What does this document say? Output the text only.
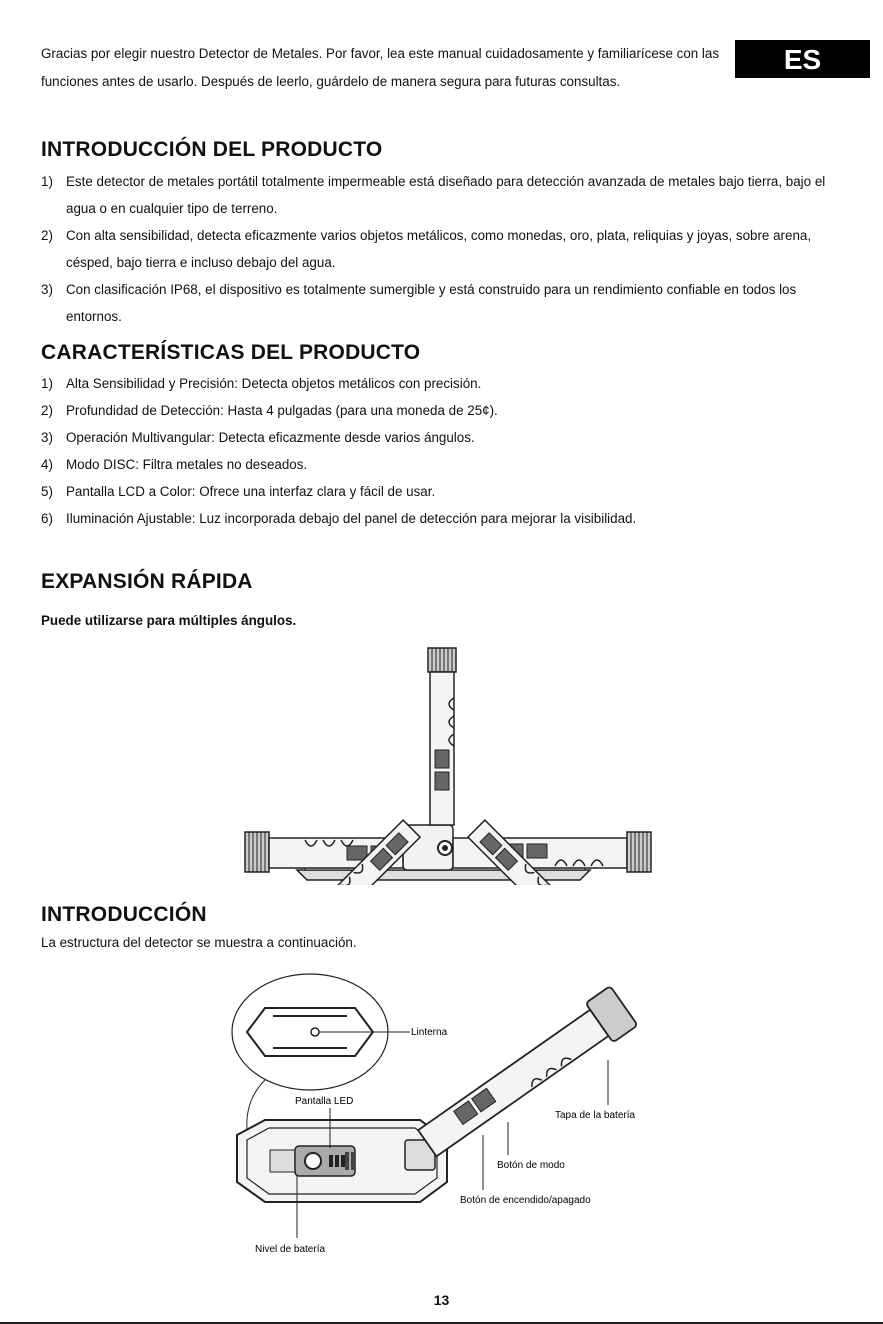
Gracias por elegir nuestro Detector de Metales. Por favor, lea este manual cuidadosamente y familiarícese con las funciones antes de usarlo. Después de leerlo, guárdelo de manera segura para futuras consultas.
ES
INTRODUCCIÓN DEL PRODUCTO
1) Este detector de metales portátil totalmente impermeable está diseñado para detección avanzada de metales bajo tierra, bajo el agua o en cualquier tipo de terreno.
2) Con alta sensibilidad, detecta eficazmente varios objetos metálicos, como monedas, oro, plata, reliquias y joyas, sobre arena, césped, bajo tierra e incluso debajo del agua.
3) Con clasificación IP68, el dispositivo es totalmente sumergible y está construido para un rendimiento confiable en todos los entornos.
CARACTERÍSTICAS DEL PRODUCTO
1) Alta Sensibilidad y Precisión: Detecta objetos metálicos con precisión.
2) Profundidad de Detección: Hasta 4 pulgadas (para una moneda de 25¢).
3) Operación Multivangular: Detecta eficazmente desde varios ángulos.
4) Modo DISC: Filtra metales no deseados.
5) Pantalla LCD a Color: Ofrece una interfaz clara y fácil de usar.
6) Iluminación Ajustable: Luz incorporada debajo del panel de detección para mejorar la visibilidad.
EXPANSIÓN RÁPIDA
Puede utilizarse para múltiples ángulos.
INTRODUCCIÓN
La estructura del detector se muestra a continuación.
Linterna
Pantalla LED
Nivel de batería
Tapa de la batería
Botón de modo
Botón de encendido/apagado
13
